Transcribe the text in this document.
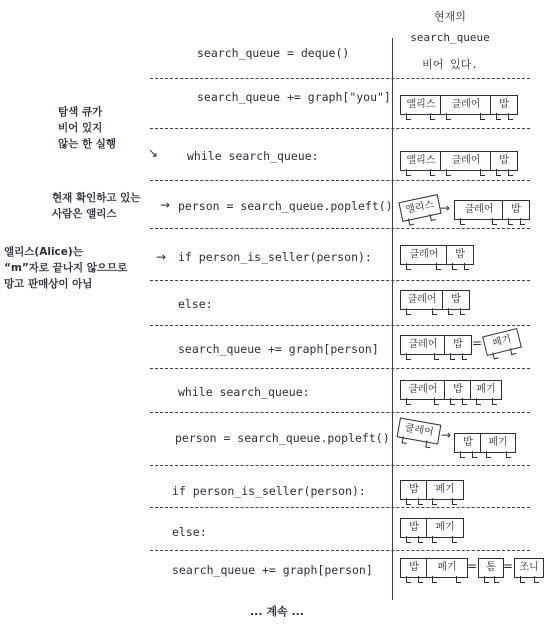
현재의
search_queue
비어 있다.
search_queue = deque()
search_queue += graph["you"]
while search_queue:
person = search_queue.popleft()
if person_is_seller(person):
else:
search_queue += graph[person]
while search_queue:
person = search_queue.popleft()
if person_is_seller(person):
else:
search_queue += graph[person]
탐색 큐가
비어 있지
않는 한 실행
↘
현재 확인하고 있는
사람은 앨리스
→
앨리스(Alice)는
“m”자로 끝나지 않으므로
망고 판매상이 아님
→
앨리스	클레어	밥
앨리스	클레어	밥
앨리스 →	클레어	밥
클레어	밥
클레어	밥
클레어	밥 = 페기
클레어	밥	페기
클레어 →
밥	페기
밥	페기
밥	페기
밥	페기 = 톰 = 조니
... 계속 ...
